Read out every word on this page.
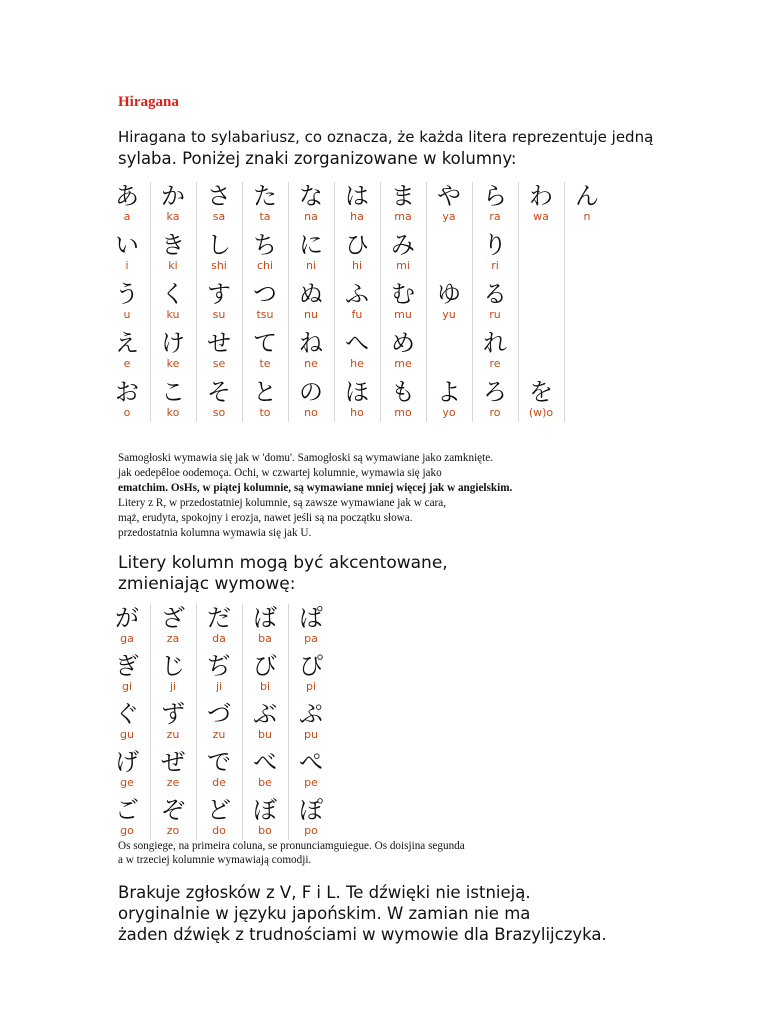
Hiragana
Hiragana to sylabariusz, co oznacza, że każda litera reprezentuje jedną
sylaba. Poniżej znaki zorganizowane w kolumny:
あ
a
い
i
う
u
え
e
お
o
か
ka
き
ki
く
ku
け
ke
こ
ko
さ
sa
し
shi
す
su
せ
se
そ
so
た
ta
ち
chi
つ
tsu
て
te
と
to
な
na
に
ni
ぬ
nu
ね
ne
の
no
は
ha
ひ
hi
ふ
fu
へ
he
ほ
ho
ま
ma
み
mi
む
mu
め
me
も
mo
や
ya
ゆ
yu
よ
yo
ら
ra
り
ri
る
ru
れ
re
ろ
ro
わ
wa
を
(w)o
ん
n
Samogłoski wymawia się jak w 'domu'. Samogłoski są wymawiane jako zamknięte.
jak oedepêloe oodemoça. Ochi, w czwartej kolumnie, wymawia się jako
ematchim. OsHs, w piątej kolumnie, są wymawiane mniej więcej jak w angielskim.
Litery z R, w przedostatniej kolumnie, są zawsze wymawiane jak w cara,
mąż, erudyta, spokojny i erozja, nawet jeśli są na początku słowa.
przedostatnia kolumna wymawia się jak U.
Litery kolumn mogą być akcentowane,
zmieniając wymowę:
が
ga
ぎ
gi
ぐ
gu
げ
ge
ご
go
ざ
za
じ
ji
ず
zu
ぜ
ze
ぞ
zo
だ
da
ぢ
ji
づ
zu
で
de
ど
do
ば
ba
び
bi
ぶ
bu
べ
be
ぼ
bo
ぱ
pa
ぴ
pi
ぷ
pu
ぺ
pe
ぽ
po
Os songiege, na primeira coluna, se pronunciamguiegue. Os doisjina segunda
a w trzeciej kolumnie wymawiają comodji.
Brakuje zgłosków z V, F i L. Te dźwięki nie istnieją.
oryginalnie w języku japońskim. W zamian nie ma
żaden dźwięk z trudnościami w wymowie dla Brazylijczyka.
